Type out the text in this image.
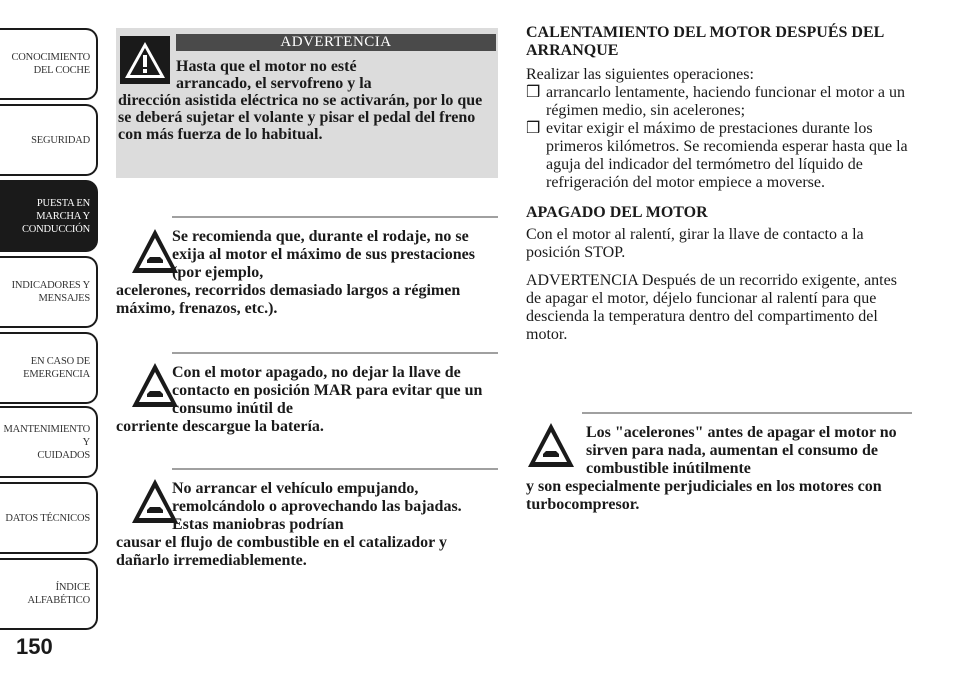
CONOCIMIENTO
DEL COCHE
SEGURIDAD
PUESTA EN
MARCHA Y
CONDUCCIÓN
INDICADORES Y
MENSAJES
EN CASO DE
EMERGENCIA
MANTENIMIENTO Y
CUIDADOS
DATOS TÉCNICOS
ÍNDICE
ALFABÉTICO
150
ADVERTENCIA
Hasta que el motor no esté
arrancado, el servofreno y la
dirección asistida eléctrica no se activarán, por lo que se deberá sujetar el volante y pisar el pedal del freno con más fuerza de lo habitual.
Se recomienda que, durante el rodaje, no se exija al motor el máximo de sus prestaciones (por ejemplo,
acelerones, recorridos demasiado largos a régimen máximo, frenazos, etc.).
Con el motor apagado, no dejar la llave de contacto en posición MAR para evitar que un consumo inútil de
corriente descargue la batería.
No arrancar el vehículo empujando, remolcándolo o aprovechando las bajadas. Estas maniobras podrían
causar el flujo de combustible en el catalizador y dañarlo irremediablemente.

CALENTAMIENTO DEL MOTOR DESPUÉS DEL ARRANQUE

Realizar las siguientes operaciones:

❒ arrancarlo lentamente, haciendo funcionar el motor a un régimen medio, sin acelerones;
❒ evitar exigir el máximo de prestaciones durante los primeros kilómetros. Se recomienda esperar hasta que la aguja del indicador del termómetro del líquido de refrigeración del motor empiece a moverse.

APAGADO DEL MOTOR

Con el motor al ralentí, girar la llave de contacto a la posición STOP.

ADVERTENCIA Después de un recorrido exigente, antes de apagar el motor, déjelo funcionar al ralentí para que descienda la temperatura dentro del compartimento del motor.

Los "acelerones" antes de apagar el motor no sirven para nada, aumentan el consumo de combustible inútilmente
y son especialmente perjudiciales en los motores con turbocompresor.
